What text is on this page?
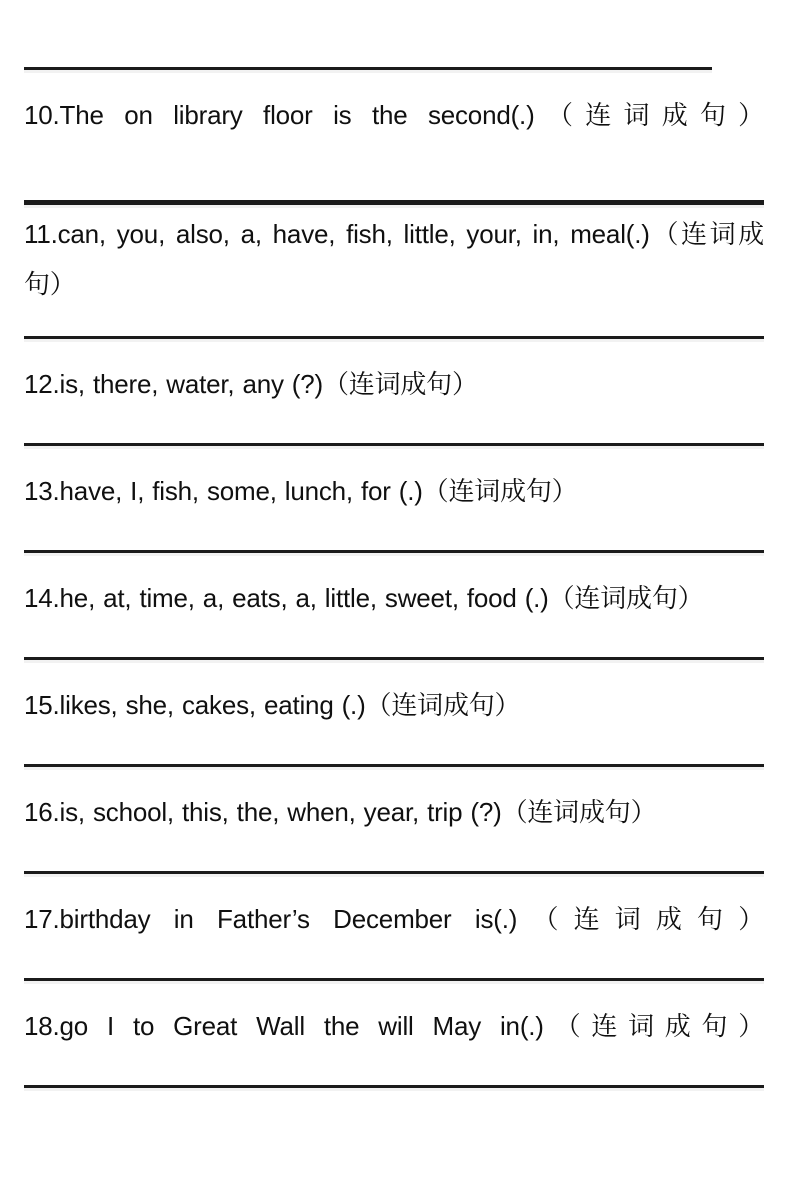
10.The on library floor is the second(.)（连词成句）
11.can, you, also, a, have, fish, little, your, in, meal(.)（连词成句）
12.is, there, water, any (?)（连词成句）
13.have, I, fish, some, lunch, for (.)（连词成句）
14.he, at, time, a, eats, a, little, sweet, food (.)（连词成句）
15.likes, she, cakes, eating (.)（连词成句）
16.is, school, this, the, when, year, trip (?)（连词成句）
17.birthday in Father’s December is(.)（连词成句）
18.go I to Great Wall the will May in(.)（连词成句）
